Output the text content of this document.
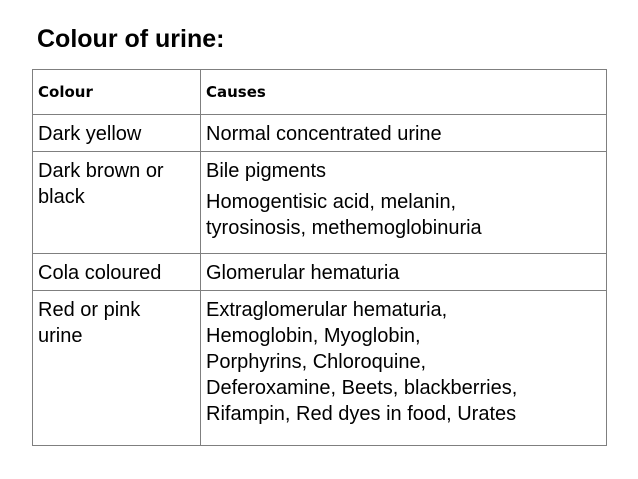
Colour of urine:
Colour	Causes

Dark yellow	Normal concentrated urine

Dark brown or
black	Bile pigments
Homogentisic acid, melanin,
tyrosinosis, methemoglobinuria

Cola coloured	Glomerular hematuria

Red or pink
urine	Extraglomerular hematuria,
Hemoglobin, Myoglobin,
Porphyrins, Chloroquine,
Deferoxamine, Beets, blackberries,
Rifampin, Red dyes in food, Urates
